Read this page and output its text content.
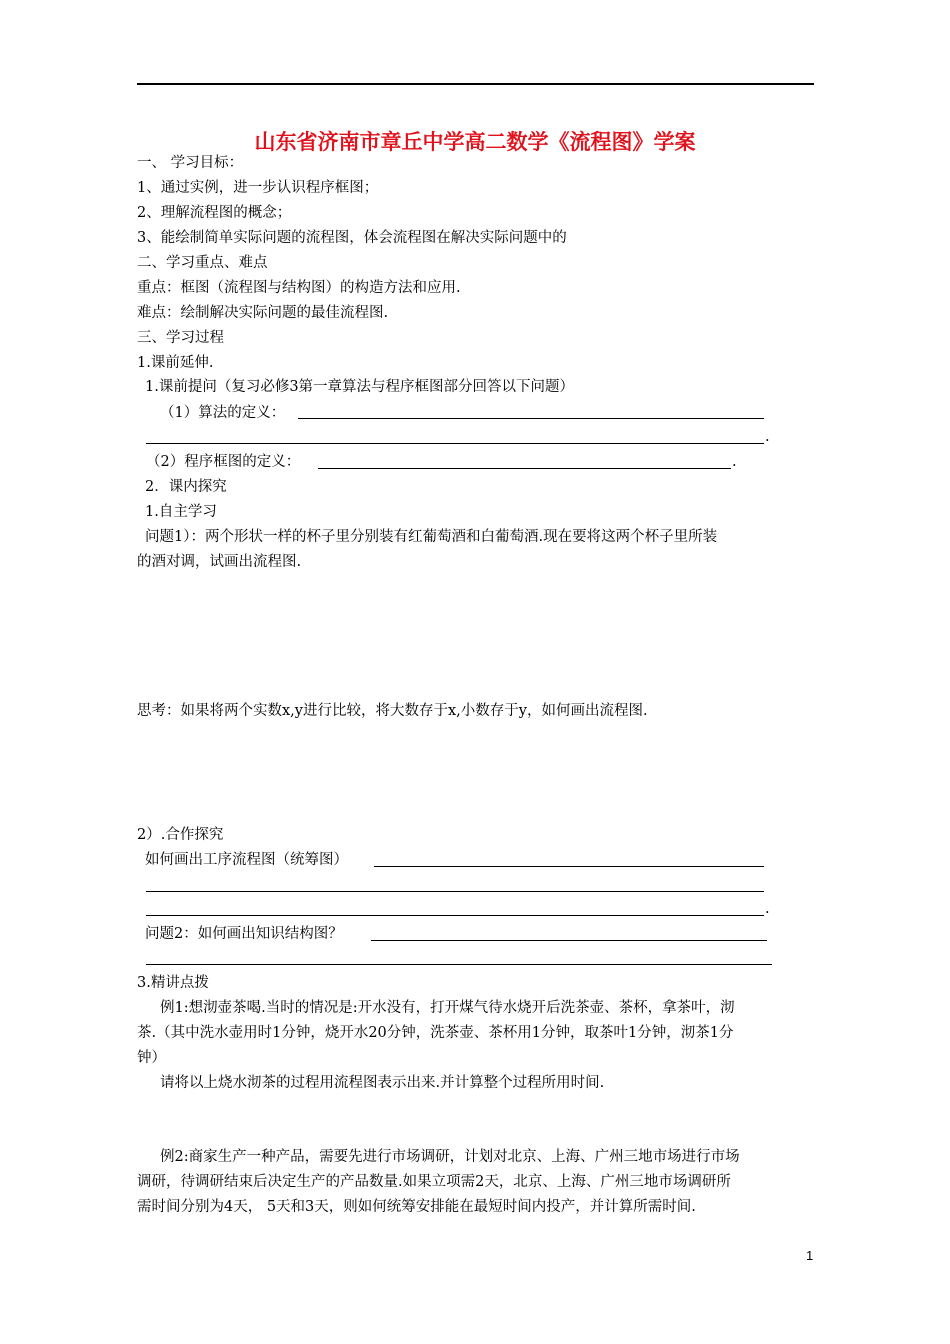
山东省济南市章丘中学高二数学《流程图》学案
一、 学习目标：
1、通过实例，进一步认识程序框图；
2、理解流程图的概念；
3、能绘制简单实际问题的流程图，体会流程图在解决实际问题中的
二、学习重点、难点
重点：框图（流程图与结构图）的构造方法和应用.
难点：绘制解决实际问题的最佳流程图.
三、学习过程
1.课前延伸.
1.课前提问（复习必修3第一章算法与程序框图部分回答以下问题）
（1）算法的定义：
.
（2）程序框图的定义：	.
2．课内探究
1.自主学习
问题1）：两个形状一样的杯子里分别装有红葡萄酒和白葡萄酒.现在要将这两个杯子里所装
的酒对调，试画出流程图.
思考：如果将两个实数x,y进行比较，将大数存于x,小数存于y，如何画出流程图.
2）.合作探究
如何画出工序流程图（统筹图）
.
问题2：如何画出知识结构图？
3.精讲点拨
例1:想沏壶茶喝.当时的情况是:开水没有，打开煤气待水烧开后洗茶壶、茶杯，拿茶叶，沏
茶.（其中洗水壶用时1分钟，烧开水20分钟，洗茶壶、茶杯用1分钟，取茶叶1分钟，沏茶1分
钟）
请将以上烧水沏茶的过程用流程图表示出来.并计算整个过程所用时间.
例2:商家生产一种产品，需要先进行市场调研，计划对北京、上海、广州三地市场进行市场
调研，待调研结束后决定生产的产品数量.如果立项需2天，北京、上海、广州三地市场调研所
需时间分别为4天， 5天和3天，则如何统筹安排能在最短时间内投产，并计算所需时间.
1
